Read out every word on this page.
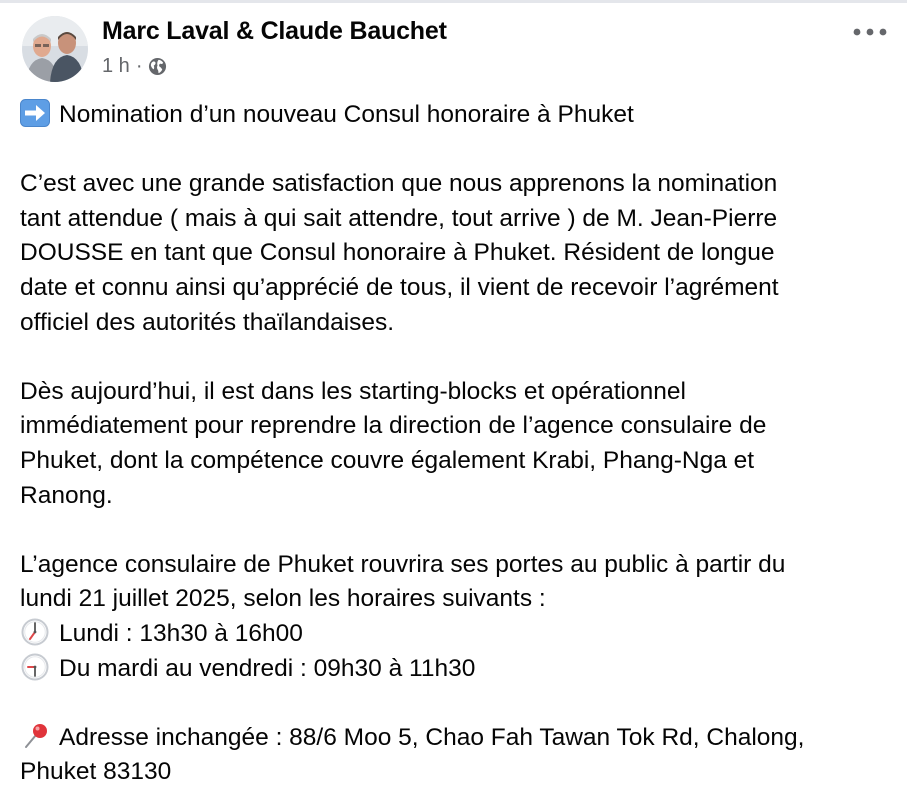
Marc Laval & Claude Bauchet
1 h ·

Nomination d’un nouveau Consul honoraire à Phuket

C’est avec une grande satisfaction que nous apprenons la nomination
tant attendue ( mais à qui sait attendre, tout arrive ) de M. Jean-Pierre
DOUSSE en tant que Consul honoraire à Phuket. Résident de longue
date et connu ainsi qu’apprécié de tous, il vient de recevoir l’agrément
officiel des autorités thaïlandaises.

Dès aujourd’hui, il est dans les starting-blocks et opérationnel
immédiatement pour reprendre la direction de l’agence consulaire de
Phuket, dont la compétence couvre également Krabi, Phang-Nga et
Ranong.

L’agence consulaire de Phuket rouvrira ses portes au public à partir du
lundi 21 juillet 2025, selon les horaires suivants :

Lundi : 13h30 à 16h00

Du mardi au vendredi : 09h30 à 11h30

Adresse inchangée : 88/6 Moo 5, Chao Fah Tawan Tok Rd, Chalong,
Phuket 83130
